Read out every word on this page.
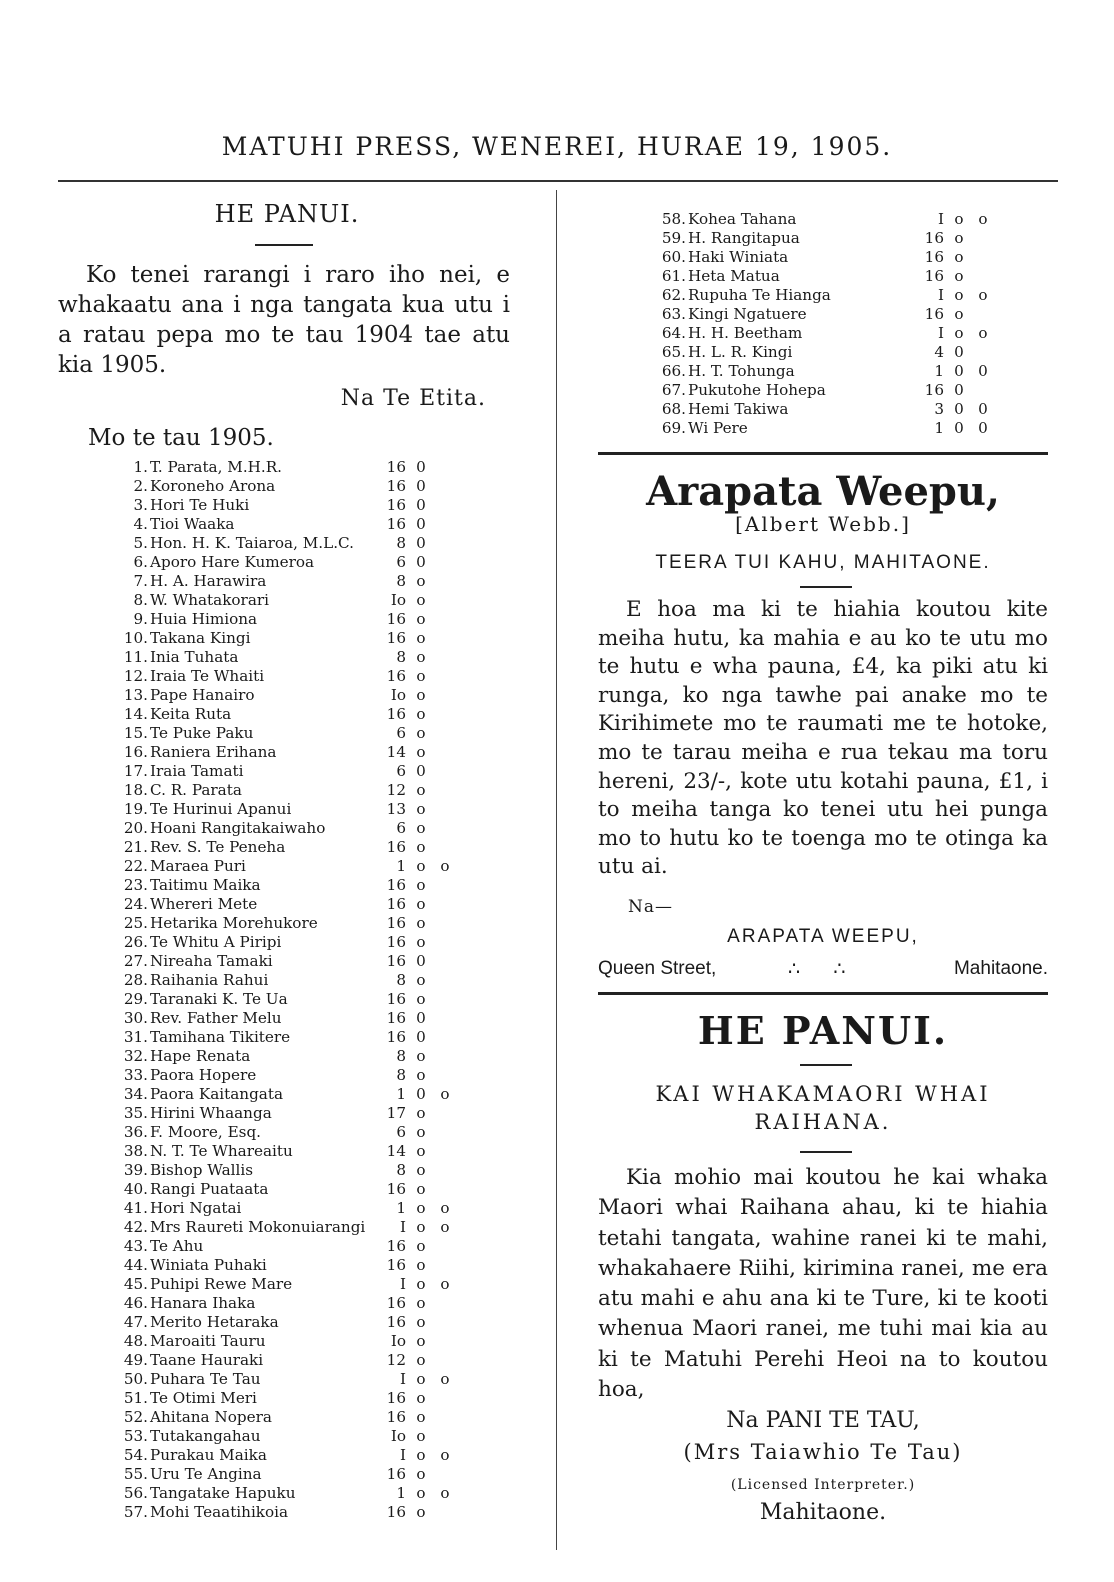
MATUHI PRESS, WENEREI, HURAE 19, 1905.
HE PANUI.
Ko tenei rarangi i raro iho nei, e whakaatu ana i nga tangata kua utu i a ratau pepa mo te tau 1904 tae atu kia 1905.
Na Te Etita.
Mo te tau 1905.
1. T. Parata, M.H.R.	16 0
2. Koroneho Arona	16 0
3. Hori Te Huki	16 0
4. Tioi Waaka	16 0
5. Hon. H. K. Taiaroa, M.L.C.	8 0
6. Aporo Hare Kumeroa	6 0
7. H. A. Harawira	8 o
8. W. Whatakorari	Io o
9. Huia Himiona	16 o
10. Takana Kingi	16 o
11. Inia Tuhata	8 o
12. Iraia Te Whaiti	16 o
13. Pape Hanairo	Io o
14. Keita Ruta	16 o
15. Te Puke Paku	6 o
16. Raniera Erihana	14 o
17. Iraia Tamati	6 0
18. C. R. Parata	12 o
19. Te Hurinui Apanui	13 o
20. Hoani Rangitakaiwaho	6 o
21. Rev. S. Te Peneha	16 o
22. Maraea Puri	1 o o
23. Taitimu Maika	16 o
24. Whereri Mete	16 o
25. Hetarika Morehukore	16 o
26. Te Whitu A Piripi	16 o
27. Nireaha Tamaki	16 0
28. Raihania Rahui	8 o
29. Taranaki K. Te Ua	16 o
30. Rev. Father Melu	16 0
31. Tamihana Tikitere	16 0
32. Hape Renata	8 o
33. Paora Hopere	8 o
34. Paora Kaitangata	1 0 o
35. Hirini Whaanga	17 o
36. F. Moore, Esq.	6 o
38. N. T. Te Whareaitu	14 o
39. Bishop Wallis	8 o
40. Rangi Puataata	16 o
41. Hori Ngatai	1 o o
42. Mrs Raureti Mokonuiarangi	I o o
43. Te Ahu	16 o
44. Winiata Puhaki	16 o
45. Puhipi Rewe Mare	I o o
46. Hanara Ihaka	16 o
47. Merito Hetaraka	16 o
48. Maroaiti Tauru	Io o
49. Taane Hauraki	12 o
50. Puhara Te Tau	I o o
51. Te Otimi Meri	16 o
52. Ahitana Nopera	16 o
53. Tutakangahau	Io o
54. Purakau Maika	I o o
55. Uru Te Angina	16 o
56. Tangatake Hapuku	1 o o
57. Mohi Teaatihikoia	16 o
58. Kohea Tahana	I o o
59. H. Rangitapua	16 o
60. Haki Winiata	16 o
61. Heta Matua	16 o
62. Rupuha Te Hianga	I o o
63. Kingi Ngatuere	16 o
64. H. H. Beetham	I o o
65. H. L. R. Kingi	4 0
66. H. T. Tohunga	1 0 0
67. Pukutohe Hohepa	16 0
68. Hemi Takiwa	3 0 0
69. Wi Pere	1 0 0
Arapata Weepu,
[Albert Webb.]
TEERA TUI KAHU, MAHITAONE.
E hoa ma ki te hiahia koutou kite meiha hutu, ka mahia e au ko te utu mo te hutu e wha pauna, £4, ka piki atu ki runga, ko nga tawhe pai anake mo te Kirihimete mo te raumati me te hotoke, mo te tarau meiha e rua tekau ma toru hereni, 23/-, kote utu kotahi pauna, £1, i to meiha tanga ko tenei utu hei punga mo to hutu ko te toenga mo te otinga ka utu ai.
Na—
ARAPATA WEEPU,
Queen Street,	∴ ∴	Mahitaone.
HE PANUI.
KAI WHAKAMAORI WHAI RAIHANA.
Kia mohio mai koutou he kai whaka Maori whai Raihana ahau, ki te hiahia tetahi tangata, wahine ranei ki te mahi, whakahaere Riihi, kirimina ranei, me era atu mahi e ahu ana ki te Ture, ki te kooti whenua Maori ranei, me tuhi mai kia au ki te Matuhi Perehi Heoi na to koutou hoa,
Na PANI TE TAU,
(Mrs Taiawhio Te Tau)
(Licensed Interpreter.)
Mahitaone.
